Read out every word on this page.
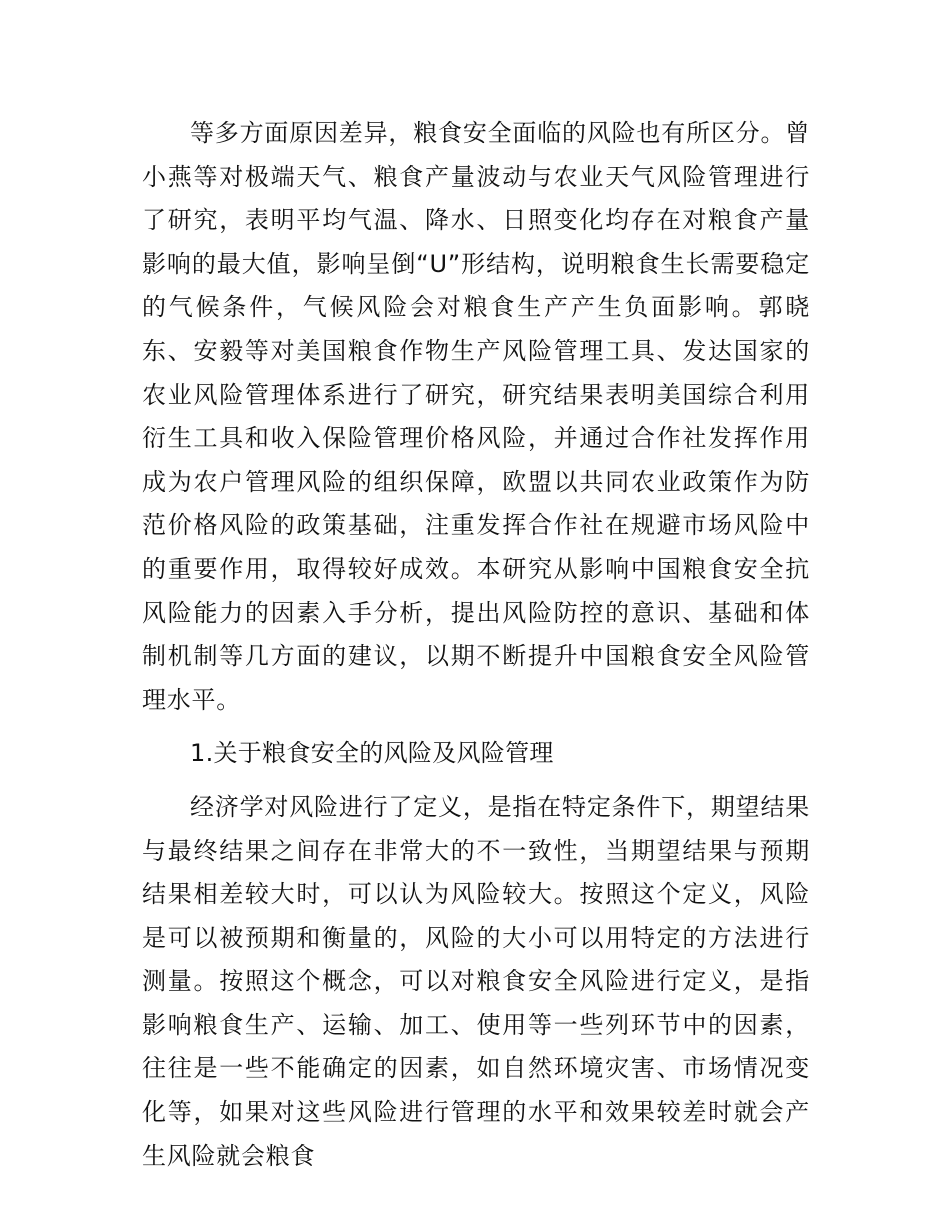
等多方面原因差异，粮食安全面临的风险也有所区分。曾小燕等对极端天气、粮食产量波动与农业天气风险管理进行了研究，表明平均气温、降水、日照变化均存在对粮食产量影响的最大值，影响呈倒“U”形结构，说明粮食生长需要稳定的气候条件，气候风险会对粮食生产产生负面影响。郭晓东、安毅等对美国粮食作物生产风险管理工具、发达国家的农业风险管理体系进行了研究，研究结果表明美国综合利用衍生工具和收入保险管理价格风险，并通过合作社发挥作用成为农户管理风险的组织保障，欧盟以共同农业政策作为防范价格风险的政策基础，注重发挥合作社在规避市场风险中的重要作用，取得较好成效。本研究从影响中国粮食安全抗风险能力的因素入手分析，提出风险防控的意识、基础和体制机制等几方面的建议，以期不断提升中国粮食安全风险管理水平。

1.关于粮食安全的风险及风险管理

经济学对风险进行了定义，是指在特定条件下，期望结果与最终结果之间存在非常大的不一致性，当期望结果与预期结果相差较大时，可以认为风险较大。按照这个定义，风险是可以被预期和衡量的，风险的大小可以用特定的方法进行测量。按照这个概念，可以对粮食安全风险进行定义，是指影响粮食生产、运输、加工、使用等一些列环节中的因素，往往是一些不能确定的因素，如自然环境灾害、市场情况变化等，如果对这些风险进行管理的水平和效果较差时就会产生风险就会粮食
